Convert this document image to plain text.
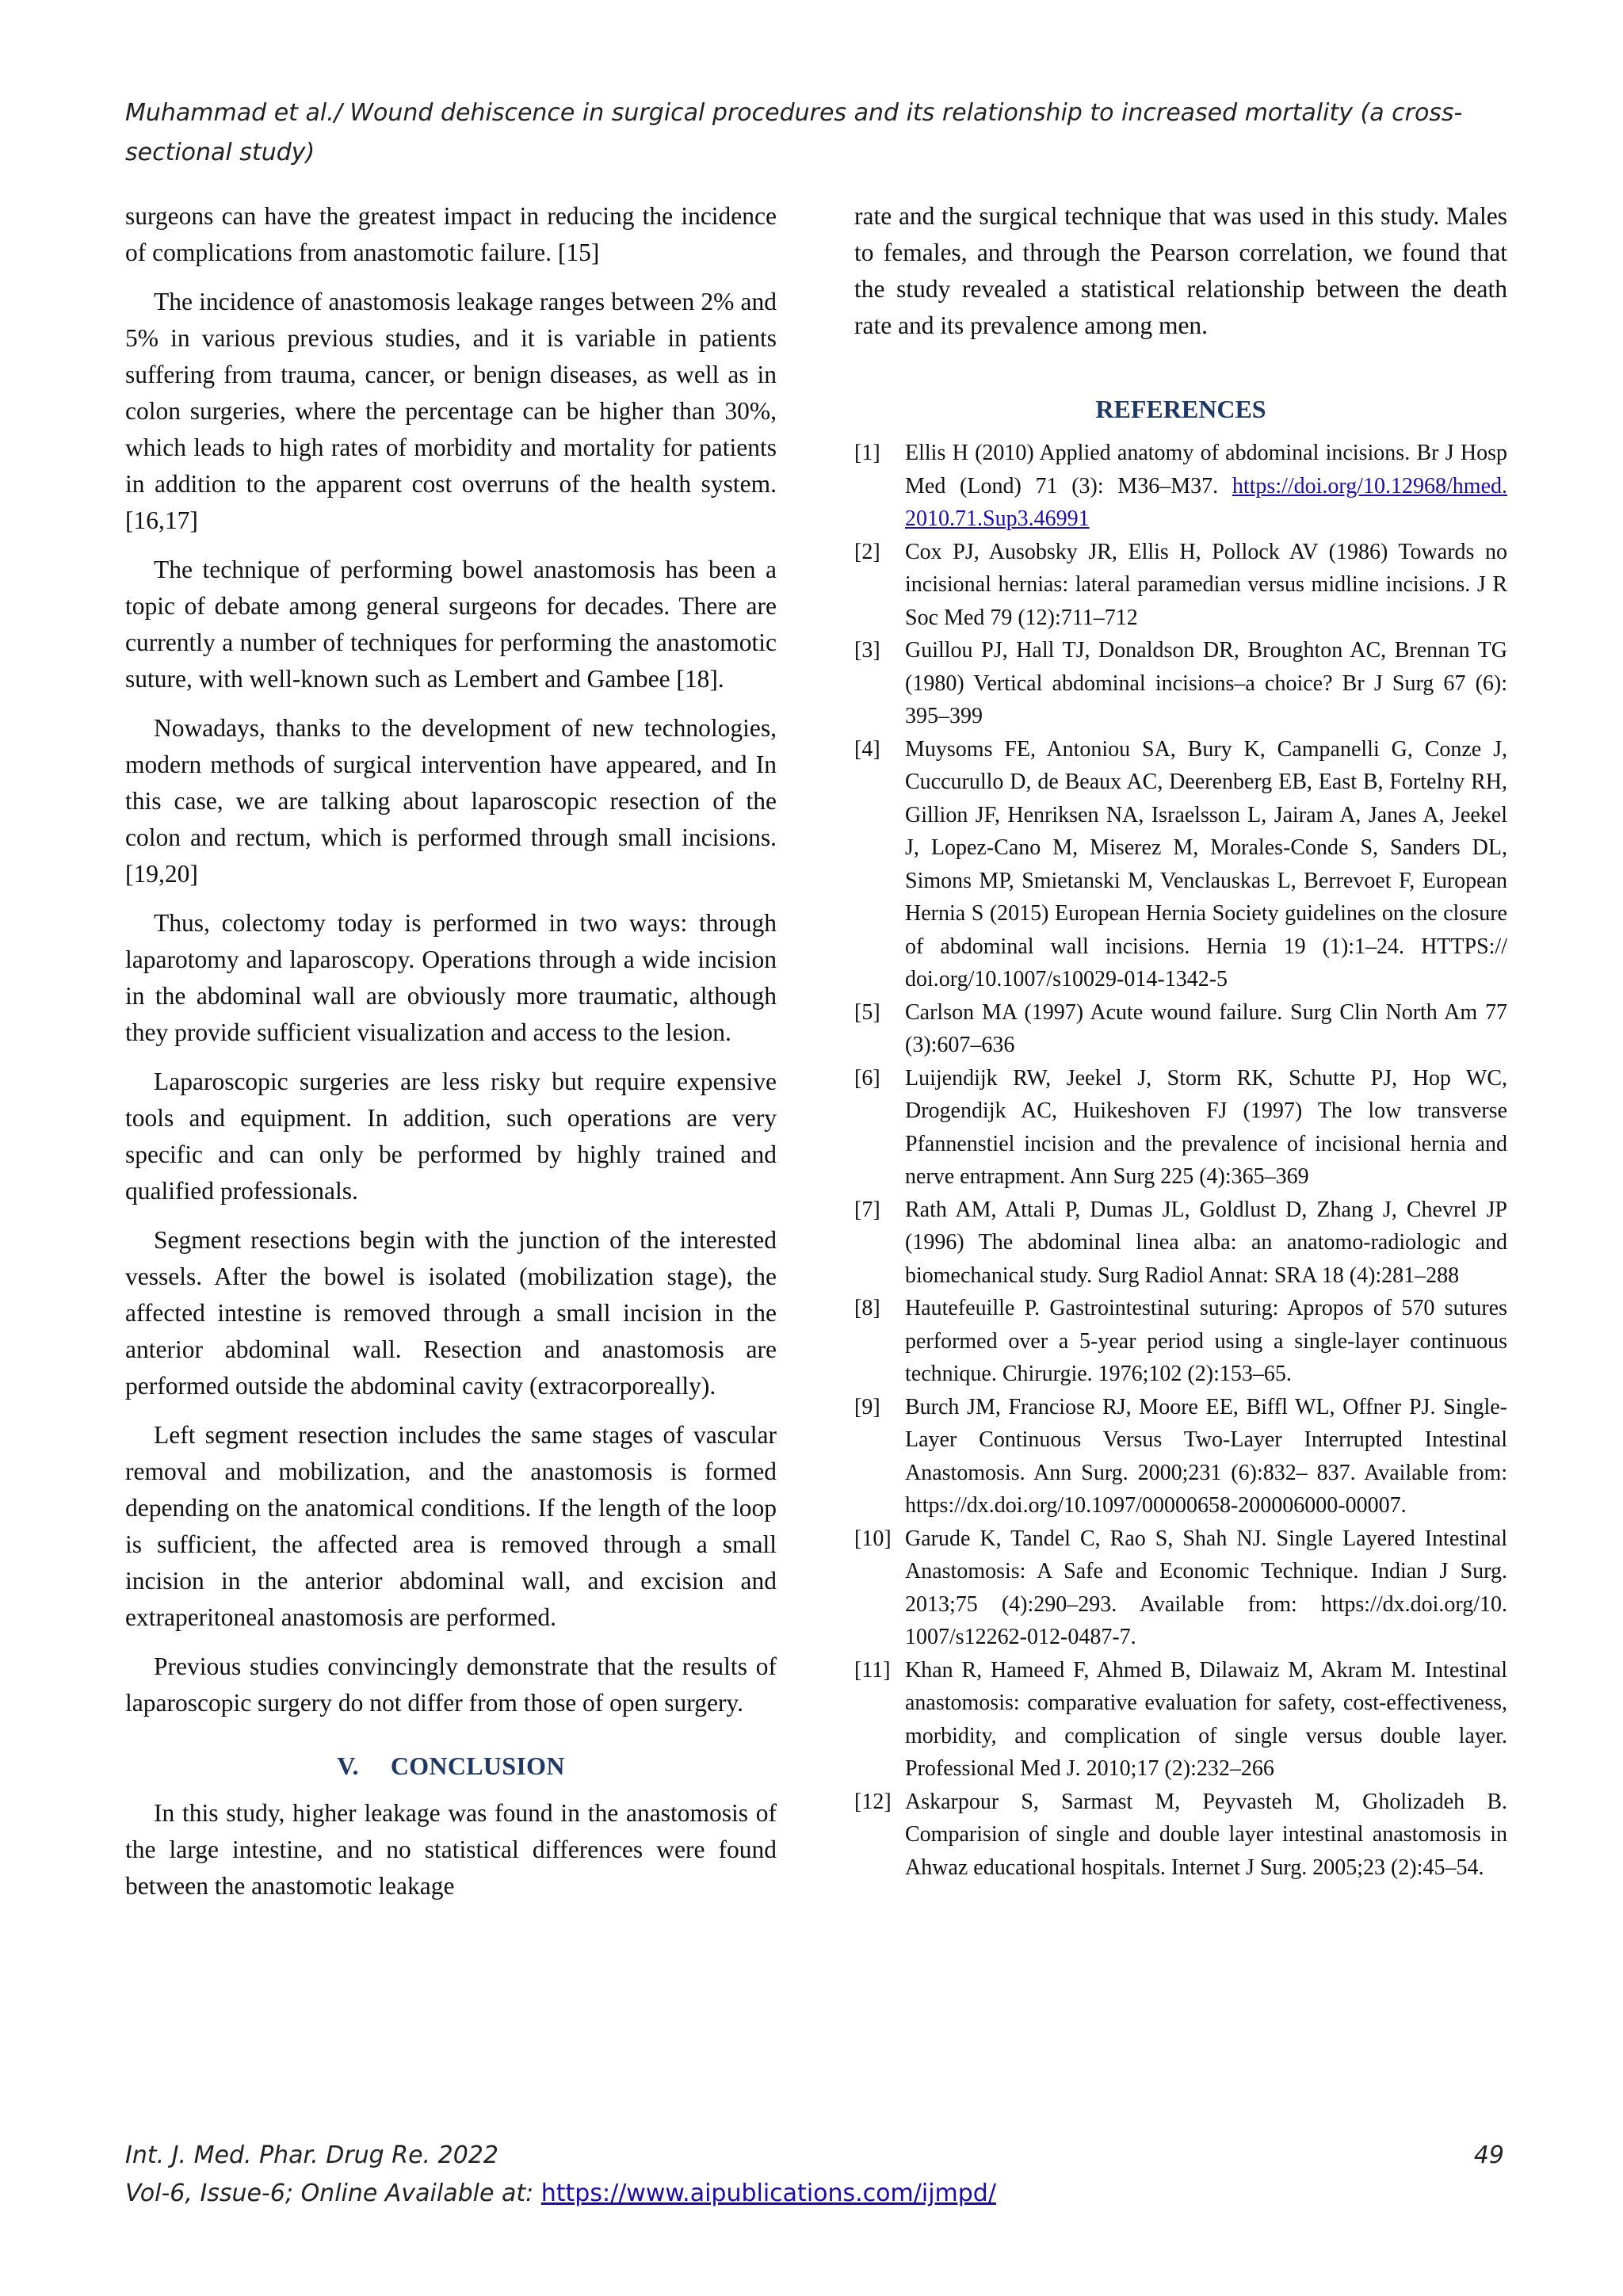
Muhammad et al./ Wound dehiscence in surgical procedures and its relationship to increased mortality (a cross-sectional study)

surgeons can have the greatest impact in reducing the incidence of complications from anastomotic failure. [15]

The incidence of anastomosis leakage ranges between 2% and 5% in various previous studies, and it is variable in patients suffering from trauma, cancer, or benign diseases, as well as in colon surgeries, where the percentage can be higher than 30%, which leads to high rates of morbidity and mortality for patients in addition to the apparent cost overruns of the health system. [16,17]

The technique of performing bowel anastomosis has been a topic of debate among general surgeons for decades. There are currently a number of techniques for performing the anastomotic suture, with well-known such as Lembert and Gambee [18].

Nowadays, thanks to the development of new technologies, modern methods of surgical intervention have appeared, and In this case, we are talking about laparoscopic resection of the colon and rectum, which is performed through small incisions. [19,20]

Thus, colectomy today is performed in two ways: through laparotomy and laparoscopy. Operations through a wide incision in the abdominal wall are obviously more traumatic, although they provide sufficient visualization and access to the lesion.

Laparoscopic surgeries are less risky but require expensive tools and equipment. In addition, such operations are very specific and can only be performed by highly trained and qualified professionals.

Segment resections begin with the junction of the interested vessels. After the bowel is isolated (mobilization stage), the affected intestine is removed through a small incision in the anterior abdominal wall. Resection and anastomosis are performed outside the abdominal cavity (extracorporeally).

Left segment resection includes the same stages of vascular removal and mobilization, and the anastomosis is formed depending on the anatomical conditions. If the length of the loop is sufficient, the affected area is removed through a small incision in the anterior abdominal wall, and excision and extraperitoneal anastomosis are performed.

Previous studies convincingly demonstrate that the results of laparoscopic surgery do not differ from those of open surgery.

V. CONCLUSION

In this study, higher leakage was found in the anastomosis of the large intestine, and no statistical differences were found between the anastomotic leakage

rate and the surgical technique that was used in this study. Males to females, and through the Pearson correlation, we found that the study revealed a statistical relationship between the death rate and its prevalence among men.

REFERENCES
[1]	Ellis H (2010) Applied anatomy of abdominal incisions. Br J Hosp Med (Lond) 71 (3): M36–M37. https://doi.org/10.12968/hmed. 2010.71.Sup3.46991
[2]	Cox PJ, Ausobsky JR, Ellis H, Pollock AV (1986) Towards no incisional hernias: lateral paramedian versus midline incisions. J R Soc Med 79 (12):711–712
[3]	Guillou PJ, Hall TJ, Donaldson DR, Broughton AC, Brennan TG (1980) Vertical abdominal incisions–a choice? Br J Surg 67 (6): 395–399
[4]	Muysoms FE, Antoniou SA, Bury K, Campanelli G, Conze J, Cuccurullo D, de Beaux AC, Deerenberg EB, East B, Fortelny RH, Gillion JF, Henriksen NA, Israelsson L, Jairam A, Janes A, Jeekel J, Lopez-Cano M, Miserez M, Morales-Conde S, Sanders DL, Simons MP, Smietanski M, Venclauskas L, Berrevoet F, European Hernia S (2015) European Hernia Society guidelines on the closure of abdominal wall incisions. Hernia 19 (1):1–24. HTTPS:// doi.org/10.1007/s10029-014-1342-5
[5]	Carlson MA (1997) Acute wound failure. Surg Clin North Am 77 (3):607–636
[6]	Luijendijk RW, Jeekel J, Storm RK, Schutte PJ, Hop WC, Drogendijk AC, Huikeshoven FJ (1997) The low transverse Pfannenstiel incision and the prevalence of incisional hernia and nerve entrapment. Ann Surg 225 (4):365–369
[7]	Rath AM, Attali P, Dumas JL, Goldlust D, Zhang J, Chevrel JP (1996) The abdominal linea alba: an anatomo-radiologic and biomechanical study. Surg Radiol Annat: SRA 18 (4):281–288
[8]	Hautefeuille P. Gastrointestinal suturing: Apropos of 570 sutures performed over a 5-year period using a single-layer continuous technique. Chirurgie. 1976;102 (2):153–65.
[9]	Burch JM, Franciose RJ, Moore EE, Biffl WL, Offner PJ. Single-Layer Continuous Versus Two-Layer Interrupted Intestinal Anastomosis. Ann Surg. 2000;231 (6):832– 837. Available from: https://dx.doi.org/10.1097/00000658-200006000-00007.
[10] Garude K, Tandel C, Rao S, Shah NJ. Single Layered Intestinal Anastomosis: A Safe and Economic Technique. Indian J Surg. 2013;75 (4):290–293. Available from: https://dx.doi.org/10. 1007/s12262-012-0487-7.
[11] Khan R, Hameed F, Ahmed B, Dilawaiz M, Akram M. Intestinal anastomosis: comparative evaluation for safety, cost-effectiveness, morbidity, and complication of single versus double layer. Professional Med J. 2010;17 (2):232–266
[12] Askarpour S, Sarmast M, Peyvasteh M, Gholizadeh B. Comparision of single and double layer intestinal anastomosis in Ahwaz educational hospitals. Internet J Surg. 2005;23 (2):45–54.
Int. J. Med. Phar. Drug Re. 2022	49
Vol-6, Issue-6; Online Available at: https://www.aipublications.com/ijmpd/
